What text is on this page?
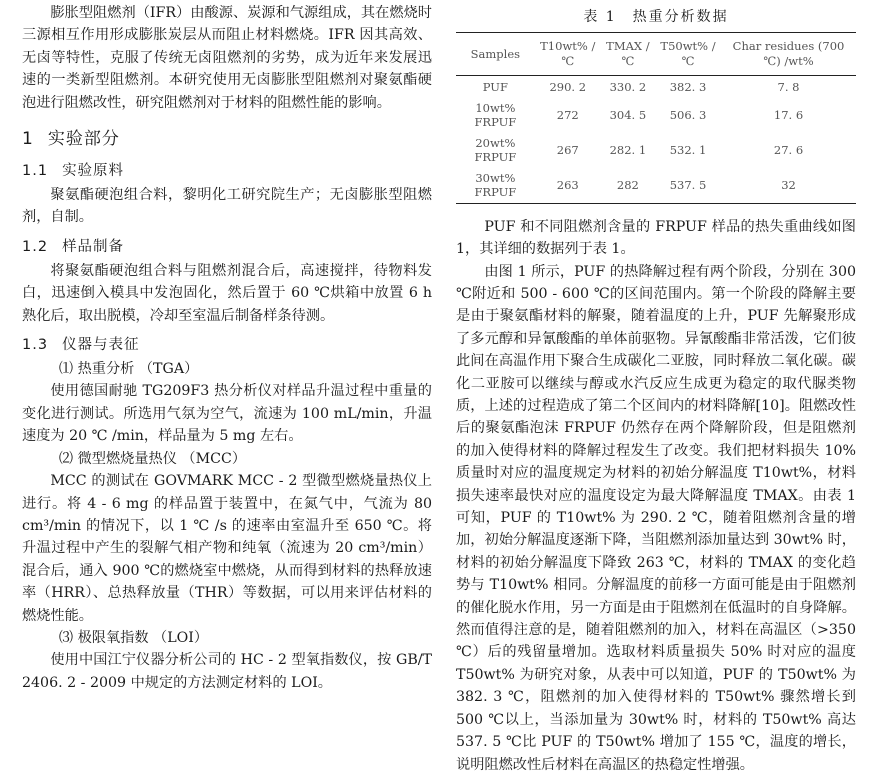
膨胀型阻燃剂（IFR）由酸源、炭源和气源组成，其在燃烧时三源相互作用形成膨胀炭层从而阻止材料燃烧。IFR 因其高效、无卤等特性，克服了传统无卤阻燃剂的劣势，成为近年来发展迅速的一类新型阻燃剂。本研究使用无卤膨胀型阻燃剂对聚氨酯硬泡进行阻燃改性，研究阻燃剂对于材料的阻燃性能的影响。

1 实验部分
1.1 实验原料

聚氨酯硬泡组合料，黎明化工研究院生产；无卤膨胀型阻燃剂，自制。

1.2 样品制备

将聚氨酯硬泡组合料与阻燃剂混合后，高速搅拌，待物料发白，迅速倒入模具中发泡固化，然后置于 60 ℃烘箱中放置 6 h 熟化后，取出脱模，冷却至室温后制备样条待测。

1.3 仪器与表征

⑴ 热重分析 （TGA）

使用德国耐驰 TG209F3 热分析仪对样品升温过程中重量的变化进行测试。所选用气氛为空气，流速为 100 mL/min，升温速度为 20 ℃ /min，样品量为 5 mg 左右。

⑵ 微型燃烧量热仪 （MCC）

MCC 的测试在 GOVMARK MCC - 2 型微型燃烧量热仪上进行。将 4 - 6 mg 的样品置于装置中，在氮气中，气流为 80 cm³/min 的情况下，以 1 ℃ /s 的速率由室温升至 650 ℃。将升温过程中产生的裂解气相产物和纯氧（流速为 20 cm³/min）混合后，通入 900 ℃的燃烧室中燃烧，从而得到材料的热释放速率（HRR）、总热释放量（THR）等数据，可以用来评估材料的燃烧性能。

⑶ 极限氧指数 （LOI）

使用中国江宁仪器分析公司的 HC - 2 型氧指数仪，按 GB/T 2406. 2 - 2009 中规定的方法测定材料的 LOI。

表 1　热重分析数据
Samples	T10wt% /℃	TMAX /℃	T50wt% /℃	Char residues (700 ℃) /wt%
PUF	290. 2	330. 2	382. 3	7. 8
10wt% FRPUF	272	304. 5	506. 3	17. 6
20wt% FRPUF	267	282. 1	532. 1	27. 6
30wt% FRPUF	263	282	537. 5	32

PUF 和不同阻燃剂含量的 FRPUF 样品的热失重曲线如图 1，其详细的数据列于表 1。

由图 1 所示，PUF 的热降解过程有两个阶段，分别在 300 ℃附近和 500 - 600 ℃的区间范围内。第一个阶段的降解主要是由于聚氨酯材料的解聚，随着温度的上升，PUF 先解聚形成了多元醇和异氰酸酯的单体前驱物。异氰酸酯非常活泼，它们彼此间在高温作用下聚合生成碳化二亚胺，同时释放二氧化碳。碳化二亚胺可以继续与醇或水汽反应生成更为稳定的取代脲类物质，上述的过程造成了第二个区间内的材料降解[10]。阻燃改性后的聚氨酯泡沫 FRPUF 仍然存在两个降解阶段，但是阻燃剂的加入使得材料的降解过程发生了改变。我们把材料损失 10% 质量时对应的温度规定为材料的初始分解温度 T10wt%，材料损失速率最快对应的温度设定为最大降解温度 TMAX。由表 1 可知，PUF 的 T10wt% 为 290. 2 ℃，随着阻燃剂含量的增加，初始分解温度逐渐下降，当阻燃剂添加量达到 30wt% 时，材料的初始分解温度下降致 263 ℃，材料的 TMAX 的变化趋势与 T10wt% 相同。分解温度的前移一方面可能是由于阻燃剂的催化脱水作用，另一方面是由于阻燃剂在低温时的自身降解。然而值得注意的是，随着阻燃剂的加入，材料在高温区（>350 ℃）后的残留量增加。选取材料质量损失 50% 时对应的温度 T50wt% 为研究对象，从表中可以知道，PUF 的 T50wt% 为 382. 3 ℃，阻燃剂的加入使得材料的 T50wt% 骤然增长到 500 ℃以上，当添加量为 30wt% 时，材料的 T50wt% 高达 537. 5 ℃比 PUF 的 T50wt% 增加了 155 ℃，温度的增长，说明阻燃改性后材料在高温区的热稳定性增强。
